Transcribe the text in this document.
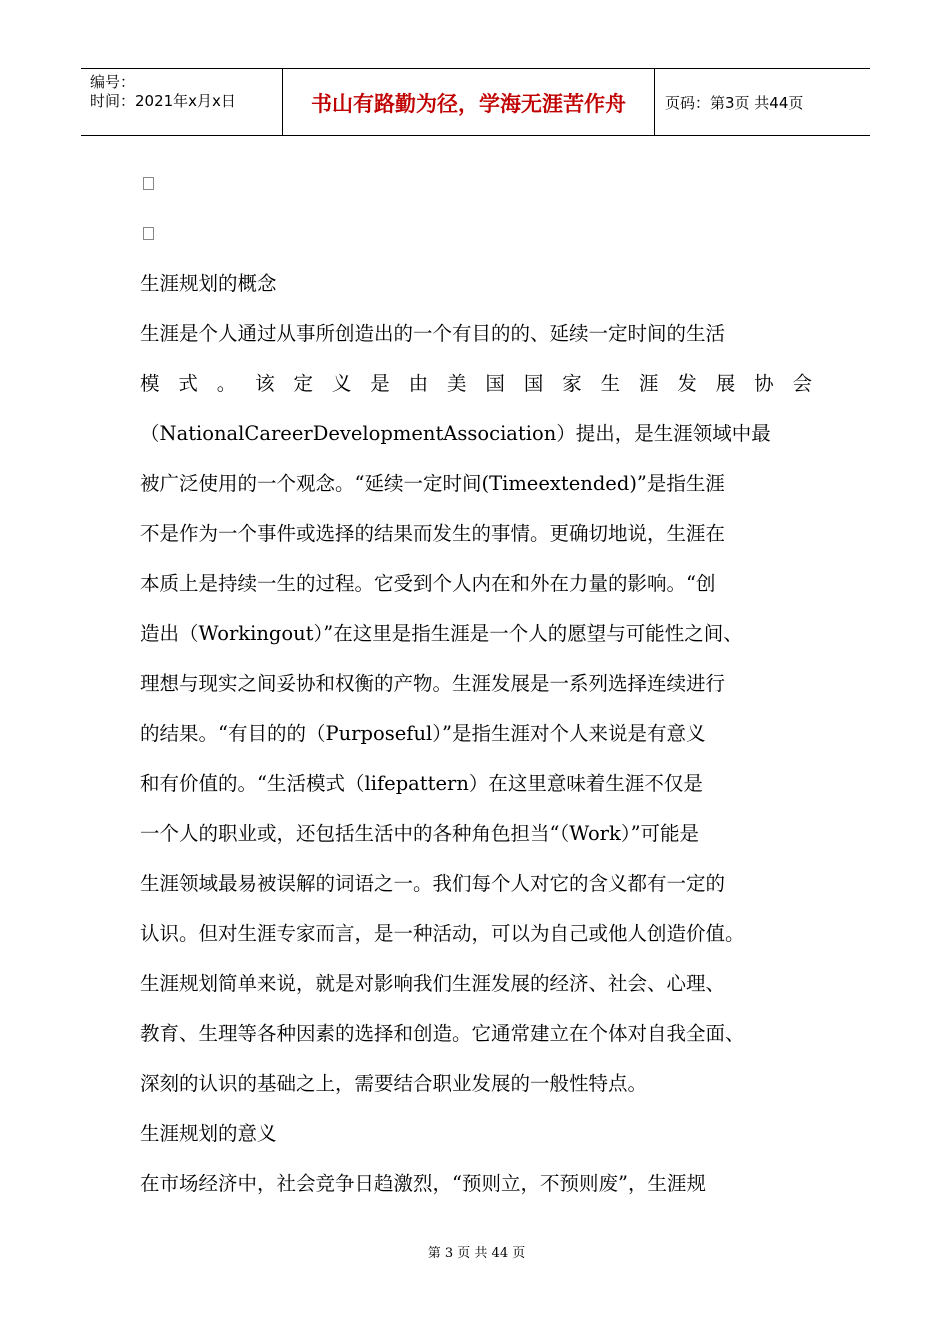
编号：
时间：2021年x月x日	书山有路勤为径，学海无涯苦作舟	页码：第3页 共44页
生涯规划的概念
生涯是个人通过从事所创造出的一个有目的的、延续一定时间的生活
模式。该定义是由美国国家生涯发展协会
（NationalCareerDevelopmentAssociation）提出，是生涯领域中最
被广泛使用的一个观念。“延续一定时间(Timeextended)”是指生涯
不是作为一个事件或选择的结果而发生的事情。更确切地说，生涯在
本质上是持续一生的过程。它受到个人内在和外在力量的影响。“创
造出（Workingout）”在这里是指生涯是一个人的愿望与可能性之间、
理想与现实之间妥协和权衡的产物。生涯发展是一系列选择连续进行
的结果。“有目的的（Purposeful）”是指生涯对个人来说是有意义
和有价值的。“生活模式（lifepattern）在这里意味着生涯不仅是
一个人的职业或，还包括生活中的各种角色担当“（Work）”可能是
生涯领域最易被误解的词语之一。我们每个人对它的含义都有一定的
认识。但对生涯专家而言，是一种活动，可以为自己或他人创造价值。
生涯规划简单来说，就是对影响我们生涯发展的经济、社会、心理、
教育、生理等各种因素的选择和创造。它通常建立在个体对自我全面、
深刻的认识的基础之上，需要结合职业发展的一般性特点。
生涯规划的意义
在市场经济中，社会竞争日趋激烈，“预则立，不预则废”，生涯规
第 3 页 共 44 页
